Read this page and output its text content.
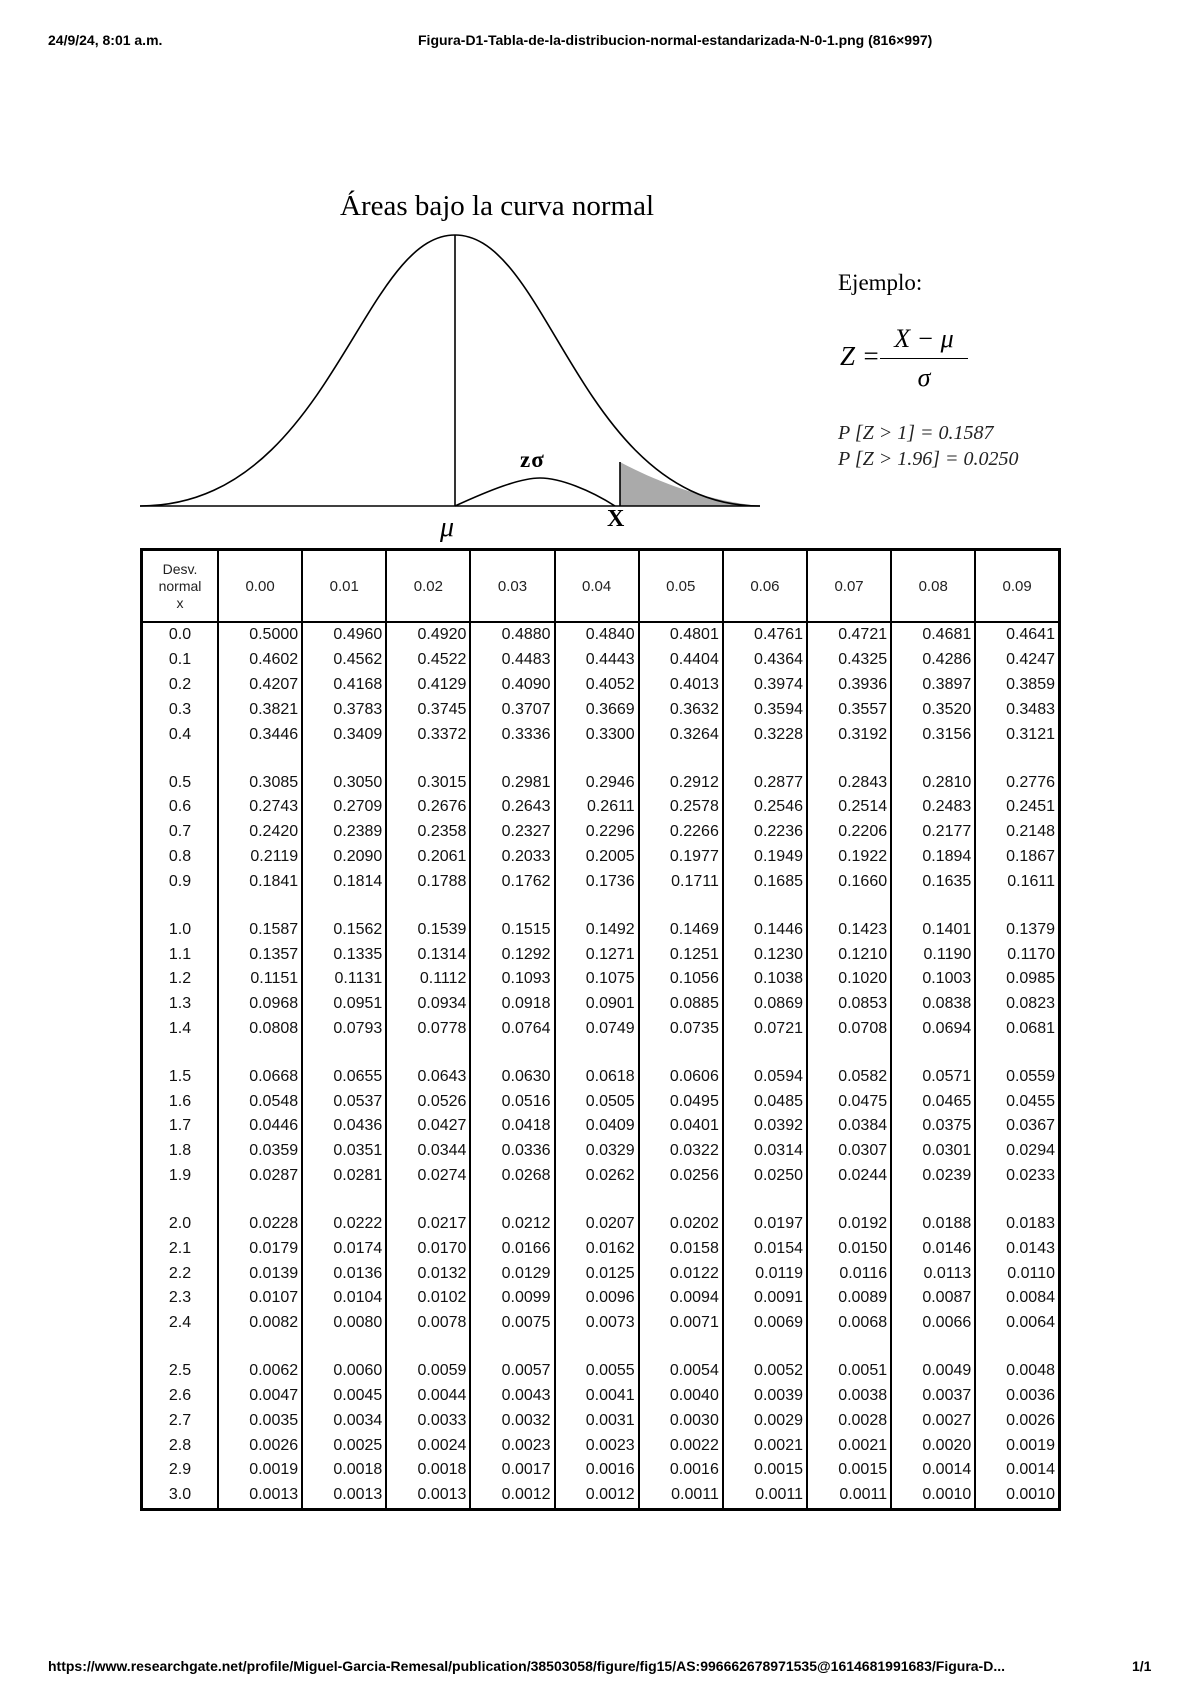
24/9/24, 8:01 a.m.	Figura-D1-Tabla-de-la-distribucion-normal-estandarizada-N-0-1.png (816×997)
Áreas bajo la curva normal
zσ
μ	X
Ejemplo:
$Z = \frac{X - \mu}{\sigma}$
P [Z > 1] = 0.1587
P [Z > 1.96] = 0.0250
Desv.
normal
x	0.00	0.01	0.02	0.03	0.04	0.05	0.06	0.07	0.08	0.09
0.0	0.5000	0.4960	0.4920	0.4880	0.4840	0.4801	0.4761	0.4721	0.4681	0.4641
0.1	0.4602	0.4562	0.4522	0.4483	0.4443	0.4404	0.4364	0.4325	0.4286	0.4247
0.2	0.4207	0.4168	0.4129	0.4090	0.4052	0.4013	0.3974	0.3936	0.3897	0.3859
0.3	0.3821	0.3783	0.3745	0.3707	0.3669	0.3632	0.3594	0.3557	0.3520	0.3483
0.4	0.3446	0.3409	0.3372	0.3336	0.3300	0.3264	0.3228	0.3192	0.3156	0.3121
0.5	0.3085	0.3050	0.3015	0.2981	0.2946	0.2912	0.2877	0.2843	0.2810	0.2776
0.6	0.2743	0.2709	0.2676	0.2643	0.2611	0.2578	0.2546	0.2514	0.2483	0.2451
0.7	0.2420	0.2389	0.2358	0.2327	0.2296	0.2266	0.2236	0.2206	0.2177	0.2148
0.8	0.2119	0.2090	0.2061	0.2033	0.2005	0.1977	0.1949	0.1922	0.1894	0.1867
0.9	0.1841	0.1814	0.1788	0.1762	0.1736	0.1711	0.1685	0.1660	0.1635	0.1611
1.0	0.1587	0.1562	0.1539	0.1515	0.1492	0.1469	0.1446	0.1423	0.1401	0.1379
1.1	0.1357	0.1335	0.1314	0.1292	0.1271	0.1251	0.1230	0.1210	0.1190	0.1170
1.2	0.1151	0.1131	0.1112	0.1093	0.1075	0.1056	0.1038	0.1020	0.1003	0.0985
1.3	0.0968	0.0951	0.0934	0.0918	0.0901	0.0885	0.0869	0.0853	0.0838	0.0823
1.4	0.0808	0.0793	0.0778	0.0764	0.0749	0.0735	0.0721	0.0708	0.0694	0.0681
1.5	0.0668	0.0655	0.0643	0.0630	0.0618	0.0606	0.0594	0.0582	0.0571	0.0559
1.6	0.0548	0.0537	0.0526	0.0516	0.0505	0.0495	0.0485	0.0475	0.0465	0.0455
1.7	0.0446	0.0436	0.0427	0.0418	0.0409	0.0401	0.0392	0.0384	0.0375	0.0367
1.8	0.0359	0.0351	0.0344	0.0336	0.0329	0.0322	0.0314	0.0307	0.0301	0.0294
1.9	0.0287	0.0281	0.0274	0.0268	0.0262	0.0256	0.0250	0.0244	0.0239	0.0233
2.0	0.0228	0.0222	0.0217	0.0212	0.0207	0.0202	0.0197	0.0192	0.0188	0.0183
2.1	0.0179	0.0174	0.0170	0.0166	0.0162	0.0158	0.0154	0.0150	0.0146	0.0143
2.2	0.0139	0.0136	0.0132	0.0129	0.0125	0.0122	0.0119	0.0116	0.0113	0.0110
2.3	0.0107	0.0104	0.0102	0.0099	0.0096	0.0094	0.0091	0.0089	0.0087	0.0084
2.4	0.0082	0.0080	0.0078	0.0075	0.0073	0.0071	0.0069	0.0068	0.0066	0.0064
2.5	0.0062	0.0060	0.0059	0.0057	0.0055	0.0054	0.0052	0.0051	0.0049	0.0048
2.6	0.0047	0.0045	0.0044	0.0043	0.0041	0.0040	0.0039	0.0038	0.0037	0.0036
2.7	0.0035	0.0034	0.0033	0.0032	0.0031	0.0030	0.0029	0.0028	0.0027	0.0026
2.8	0.0026	0.0025	0.0024	0.0023	0.0023	0.0022	0.0021	0.0021	0.0020	0.0019
2.9	0.0019	0.0018	0.0018	0.0017	0.0016	0.0016	0.0015	0.0015	0.0014	0.0014
3.0	0.0013	0.0013	0.0013	0.0012	0.0012	0.0011	0.0011	0.0011	0.0010	0.0010
https://www.researchgate.net/profile/Miguel-Garcia-Remesal/publication/38503058/figure/fig15/AS:996662678971535@1614681991683/Figura-D...	1/1
